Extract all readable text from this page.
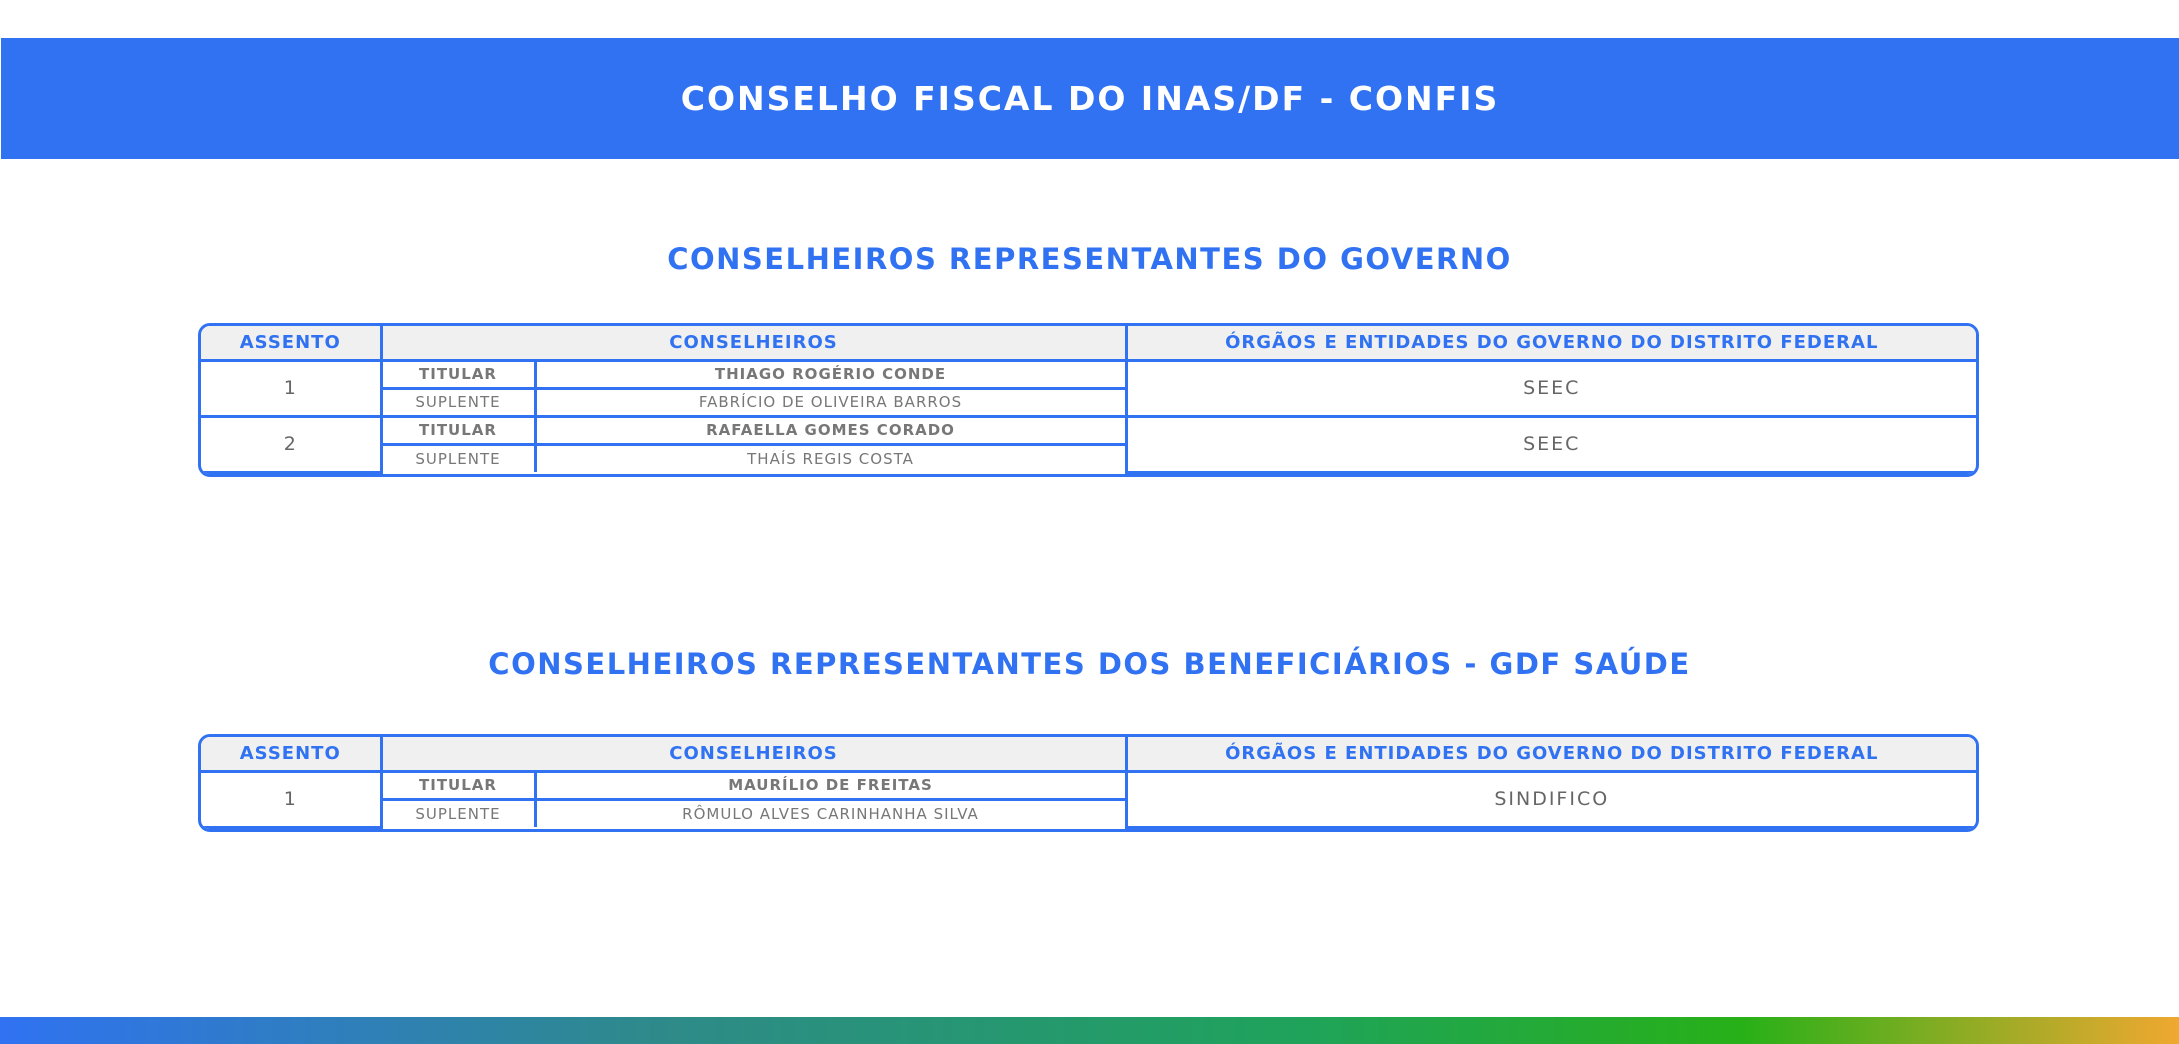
CONSELHO FISCAL DO INAS/DF - CONFIS
CONSELHEIROS REPRESENTANTES DO GOVERNO
ASSENTO	CONSELHEIROS		ÓRGÃOS E ENTIDADES DO GOVERNO DO DISTRITO FEDERAL
1	TITULAR	THIAGO ROGÉRIO CONDE	SEEC
	SUPLENTE	FABRÍCIO DE OLIVEIRA BARROS	
2	TITULAR	RAFAELLA GOMES CORADO	SEEC
	SUPLENTE	THAÍS REGIS COSTA	
CONSELHEIROS REPRESENTANTES DOS BENEFICIÁRIOS - GDF SAÚDE
ASSENTO	CONSELHEIROS		ÓRGÃOS E ENTIDADES DO GOVERNO DO DISTRITO FEDERAL
1	TITULAR	MAURÍLIO DE FREITAS	SINDIFICO
	SUPLENTE	RÔMULO ALVES CARINHANHA SILVA	
